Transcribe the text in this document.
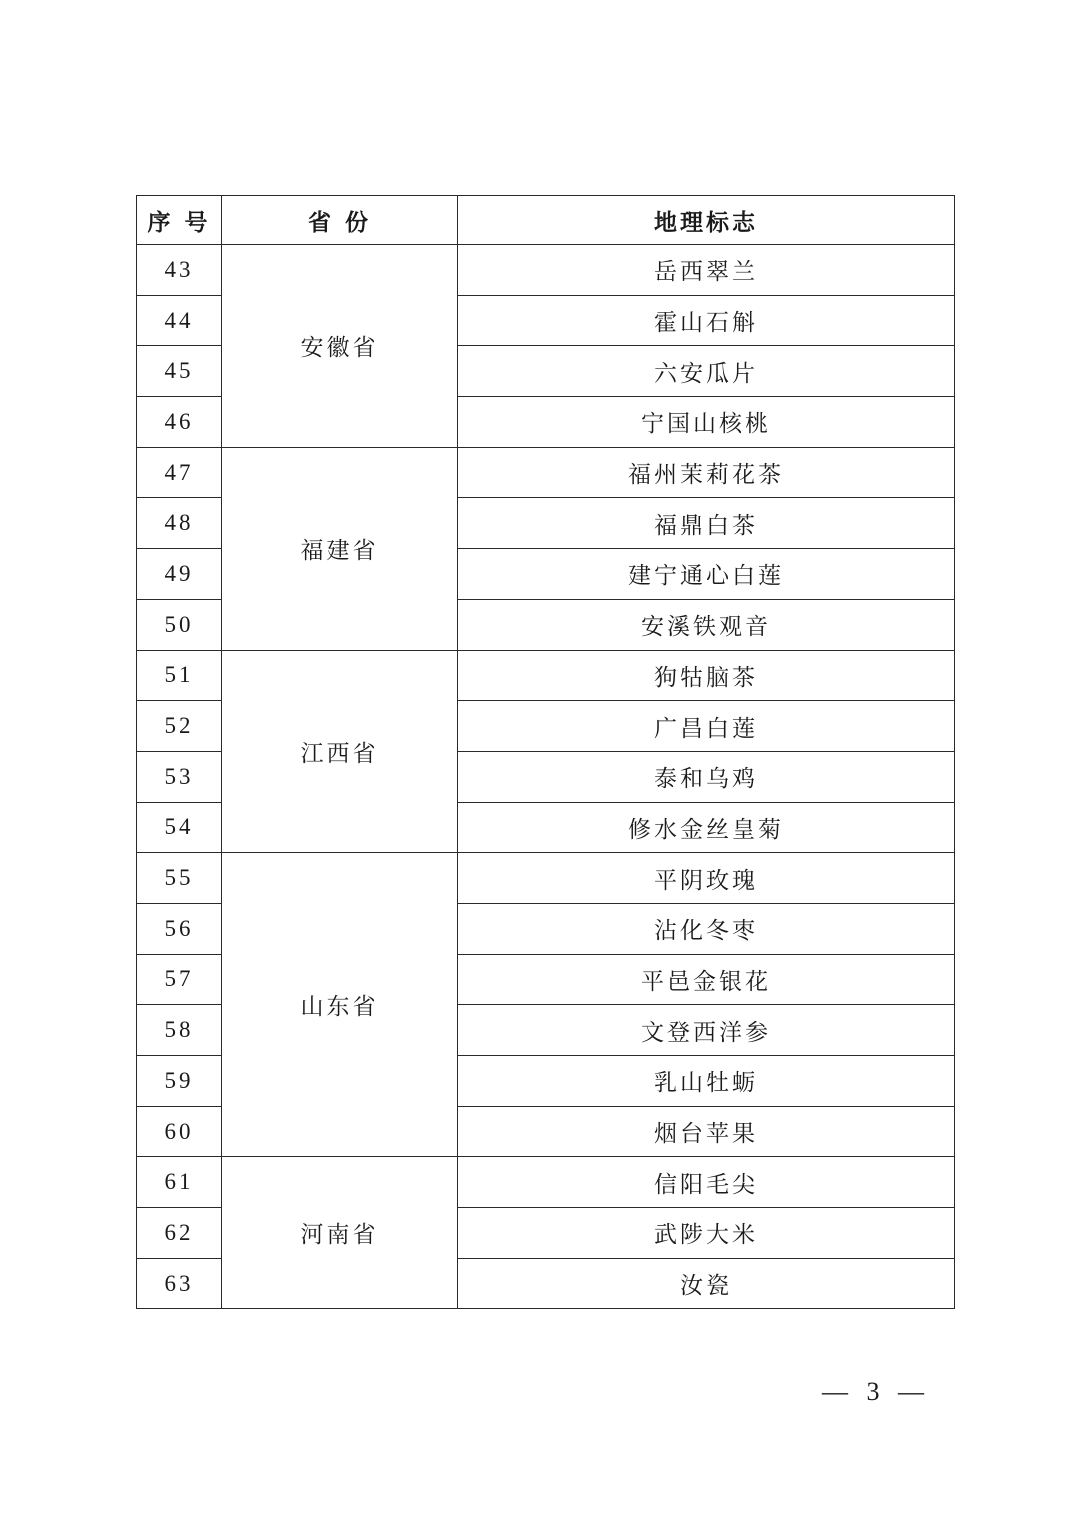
序 号	省 份	地理标志
43	安徽省	岳西翠兰
44		霍山石斛
45		六安瓜片
46		宁国山核桃
47	福建省	福州茉莉花茶
48		福鼎白茶
49		建宁通心白莲
50		安溪铁观音
51	江西省	狗牯脑茶
52		广昌白莲
53		泰和乌鸡
54		修水金丝皇菊
55	山东省	平阴玫瑰
56		沾化冬枣
57		平邑金银花
58		文登西洋参
59		乳山牡蛎
60		烟台苹果
61	河南省	信阳毛尖
62		武陟大米
63		汝瓷
— 3 —
